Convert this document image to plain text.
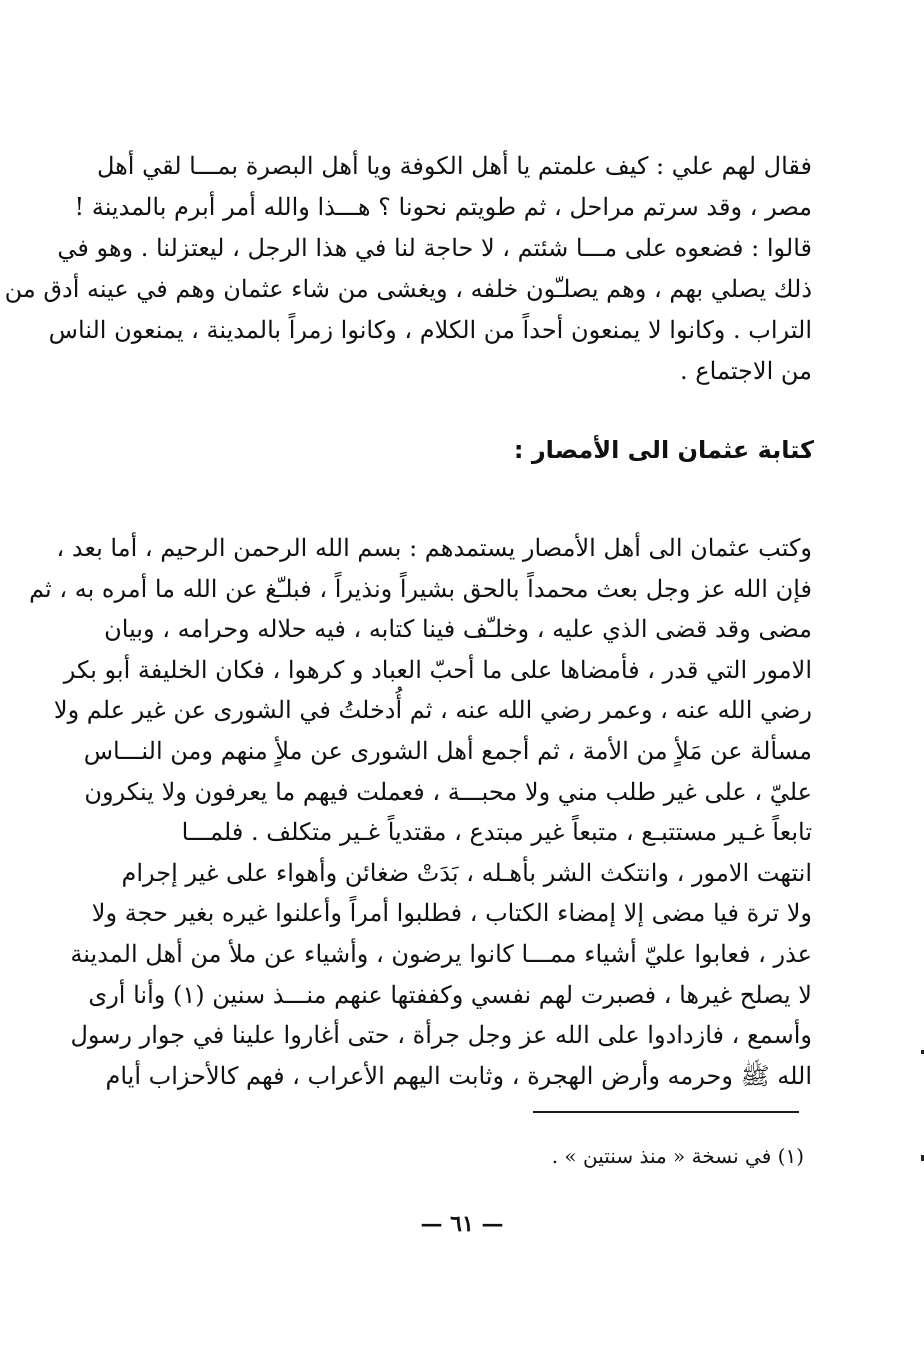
فقال لهم علي : كيف علمتم يا أهل الكوفة ويا أهل البصرة بمـــا لقي أهل
مصر ، وقد سرتم مراحل ، ثم طويتم نحونا ؟ هـــذا والله أمر أبرم بالمدينة !
قالوا : فضعوه على مـــا شئتم ، لا حاجة لنا في هذا الرجل ، ليعتزلنا . وهو في
ذلك يصلي بهم ، وهم يصلـّون خلفه ، ويغشى من شاء عثمان وهم في عينه أدق من
التراب . وكانوا لا يمنعون أحداً من الكلام ، وكانوا زمراً بالمدينة ، يمنعون الناس
من الاجتماع .
كتابة عثمان الى الأمصار :
وكتب عثمان الى أهل الأمصار يستمدهم : بسم الله الرحمن الرحيم ، أما بعد ،
فإن الله عز وجل بعث محمداً بالحق بشيراً ونذيراً ، فبلـّغ عن الله ما أمره به ، ثم
مضى وقد قضى الذي عليه ، وخلـّف فينا كتابه ، فيه حلاله وحرامه ، وبيان
الامور التي قدر ، فأمضاها على ما أحبّ العباد و كرهوا ، فكان الخليفة أبو بكر
رضي الله عنه ، وعمر رضي الله عنه ، ثم أُدخلتُ في الشورى عن غير علم ولا
مسألة عن مَلأٍ من الأمة ، ثم أجمع أهل الشورى عن ملأٍ منهم ومن النـــاس
عليّ ، على غير طلب مني ولا محبـــة ، فعملت فيهم ما يعرفون ولا ينكرون
تابعاً غـير مستتبـع ، متبعاً غير مبتدع ، مقتدياً غـير متكلف . فلمـــا
انتهت الامور ، وانتكث الشر بأهـله ، بَدَتْ ضغائن وأهواء على غير إجرام
ولا ترة فيا مضى إلا إمضاء الكتاب ، فطلبوا أمراً وأعلنوا غيره بغير حجة ولا
عذر ، فعابوا عليّ أشياء ممـــا كانوا يرضون ، وأشياء عن ملأ من أهل المدينة
لا يصلح غيرها ، فصبرت لهم نفسي وكففتها عنهم منـــذ سنين (١) وأنا أرى
وأسمع ، فازدادوا على الله عز وجل جرأة ، حتى أغاروا علينا في جوار رسول
الله ﷺ وحرمه وأرض الهجرة ، وثابت اليهم الأعراب ، فهم كالأحزاب أيام
(١) في نسخة « منذ سنتين » .
— ٦١ —
